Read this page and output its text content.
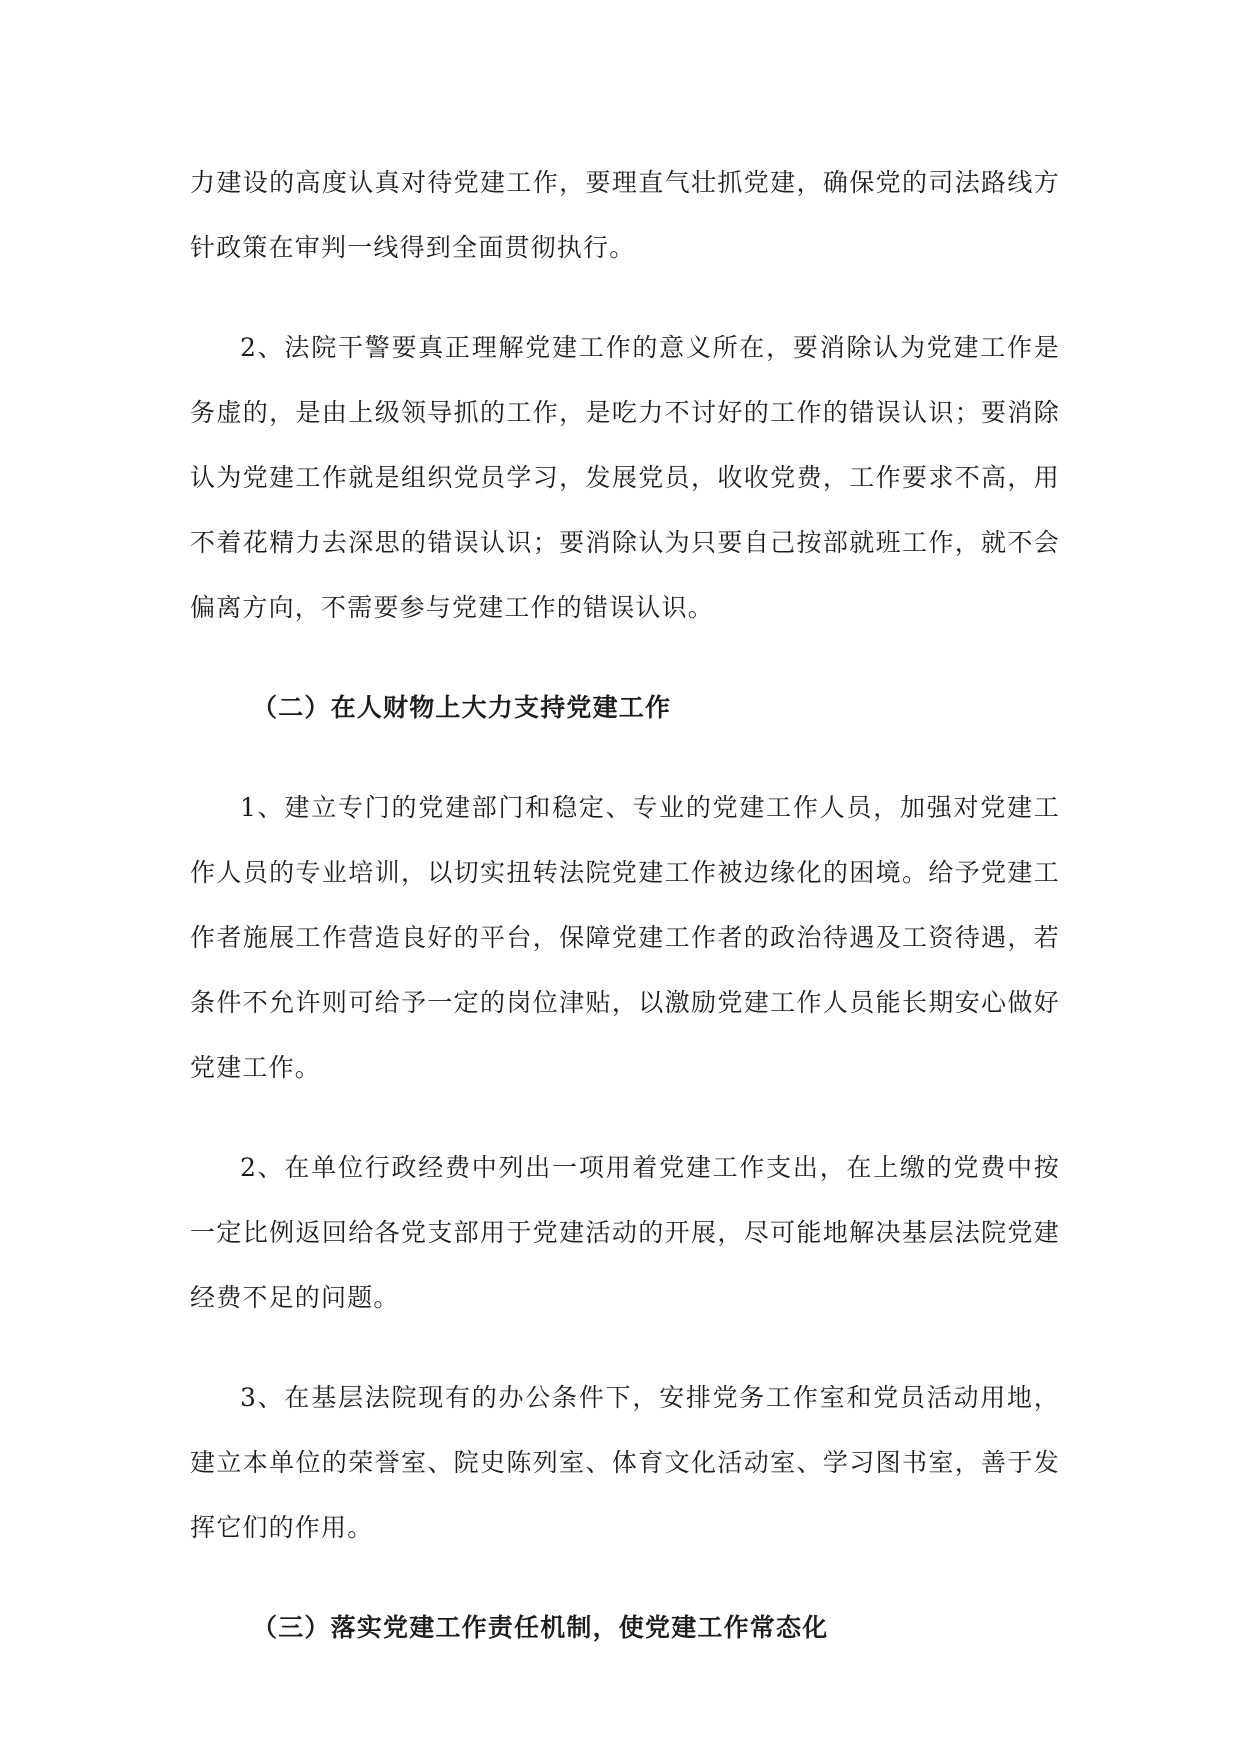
力建设的高度认真对待党建工作，要理直气壮抓党建，确保党的司法路线方针政策在审判一线得到全面贯彻执行。

2、法院干警要真正理解党建工作的意义所在，要消除认为党建工作是务虚的，是由上级领导抓的工作，是吃力不讨好的工作的错误认识；要消除认为党建工作就是组织党员学习，发展党员，收收党费，工作要求不高，用不着花精力去深思的错误认识；要消除认为只要自己按部就班工作，就不会偏离方向，不需要参与党建工作的错误认识。

（二）在人财物上大力支持党建工作

1、建立专门的党建部门和稳定、专业的党建工作人员，加强对党建工作人员的专业培训，以切实扭转法院党建工作被边缘化的困境。给予党建工作者施展工作营造良好的平台，保障党建工作者的政治待遇及工资待遇，若条件不允许则可给予一定的岗位津贴，以激励党建工作人员能长期安心做好党建工作。

2、在单位行政经费中列出一项用着党建工作支出，在上缴的党费中按一定比例返回给各党支部用于党建活动的开展，尽可能地解决基层法院党建经费不足的问题。

3、在基层法院现有的办公条件下，安排党务工作室和党员活动用地，建立本单位的荣誉室、院史陈列室、体育文化活动室、学习图书室，善于发挥它们的作用。

（三）落实党建工作责任机制，使党建工作常态化
